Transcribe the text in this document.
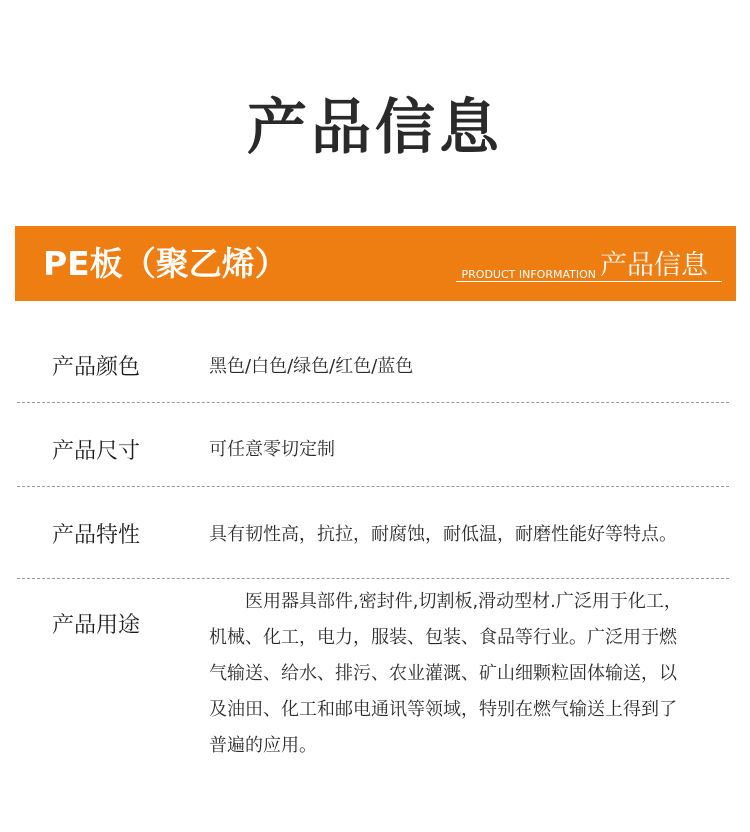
产品信息
PE板（聚乙烯）	PRODUCT INFORMATION 产品信息
产品颜色	黑色/白色/绿色/红色/蓝色
产品尺寸	可任意零切定制
产品特性	具有韧性高，抗拉，耐腐蚀，耐低温，耐磨性能好等特点。
产品用途
　　医用器具部件,密封件,切割板,滑动型材.广泛用于化工，
机械、化工，电力，服装、包装、食品等行业。广泛用于燃
气输送、给水、排污、农业灌溉、矿山细颗粒固体输送，以
及油田、化工和邮电通讯等领域，特别在燃气输送上得到了
普遍的应用。
